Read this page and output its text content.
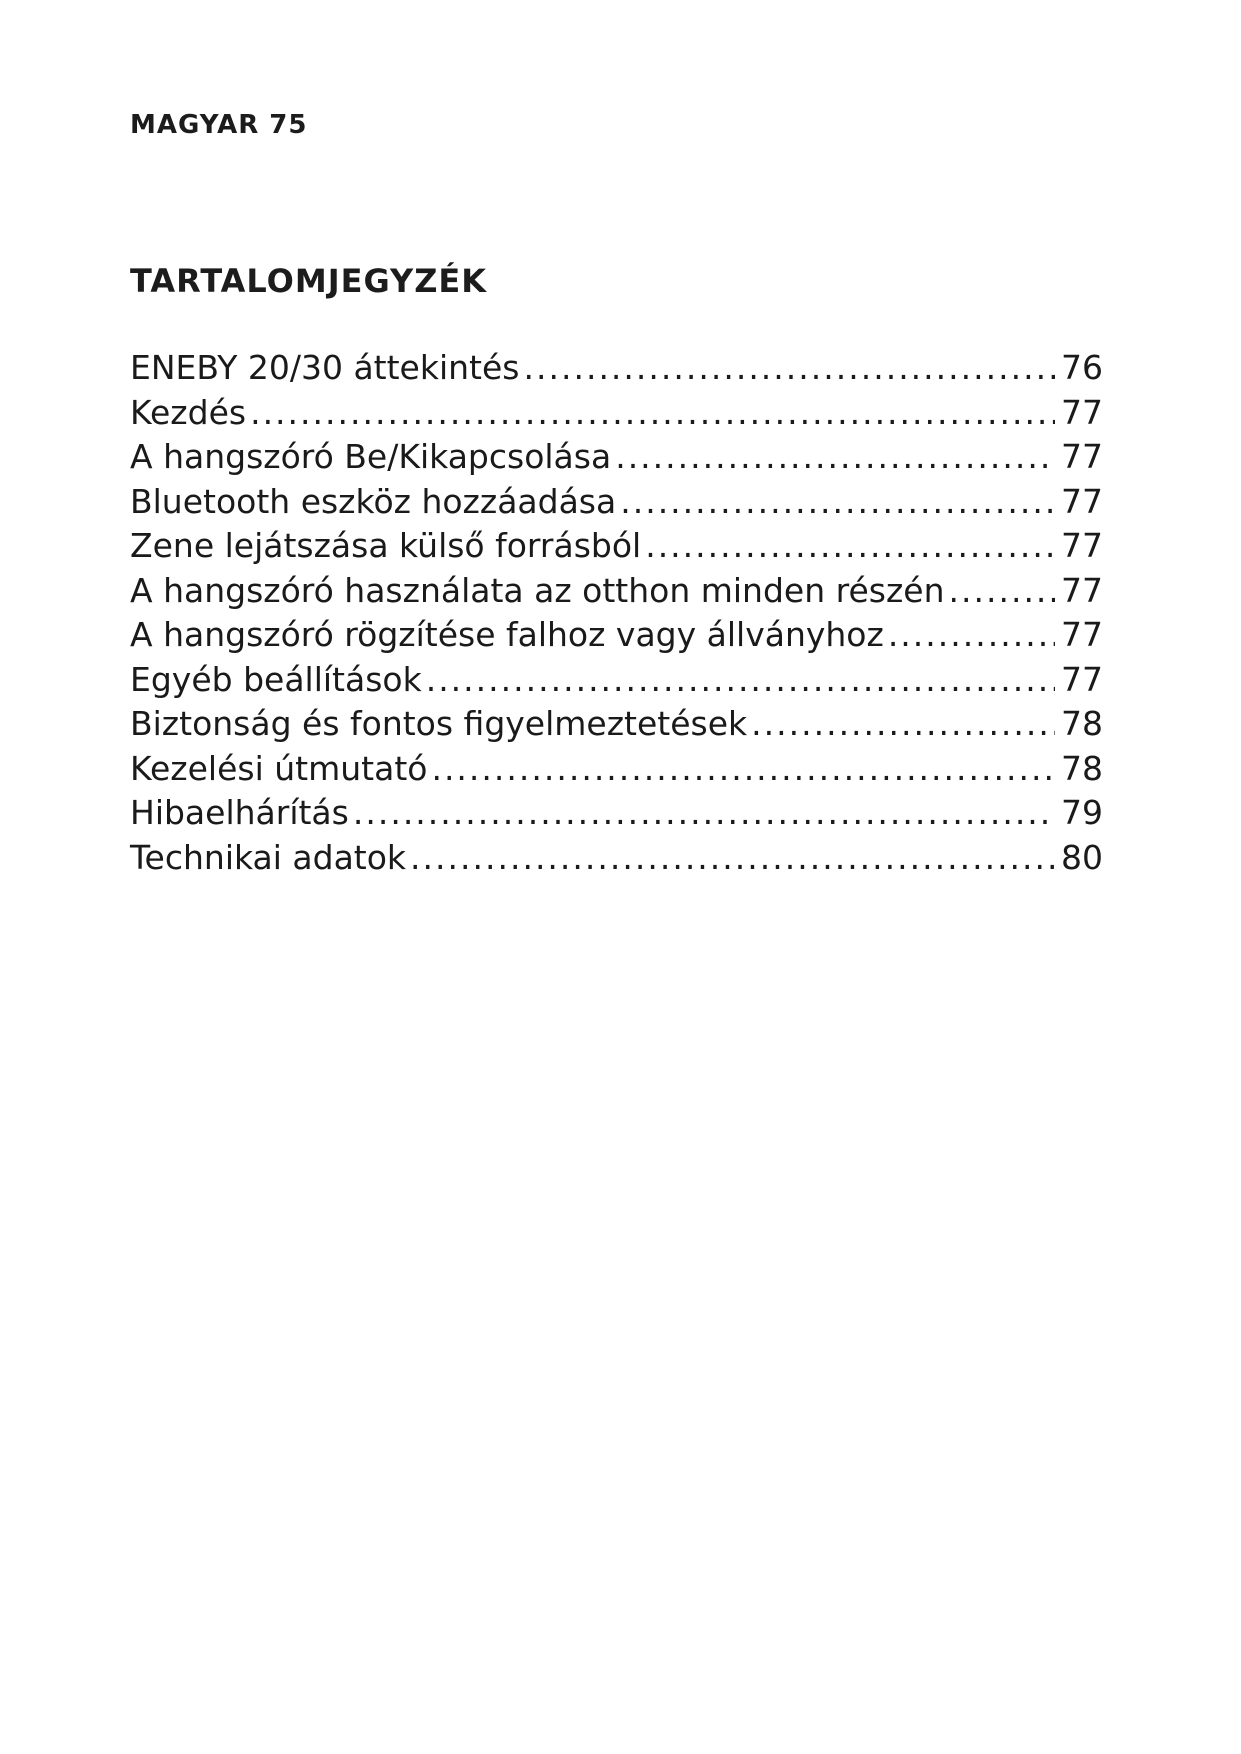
MAGYAR 75
TARTALOMJEGYZÉK
ENEBY 20/30 áttekintés .....	76
Kezdés .....	77
A hangszóró Be/Kikapcsolása .....	77
Bluetooth eszköz hozzáadása .....	77
Zene lejátszása külső forrásból .....	77
A hangszóró használata az otthon minden részén .....	77
A hangszóró rögzítése falhoz vagy állványhoz .....	77
Egyéb beállítások .....	77
Biztonság és fontos figyelmeztetések .....	78
Kezelési útmutató .....	78
Hibaelhárítás .....	79
Technikai adatok .....	80
